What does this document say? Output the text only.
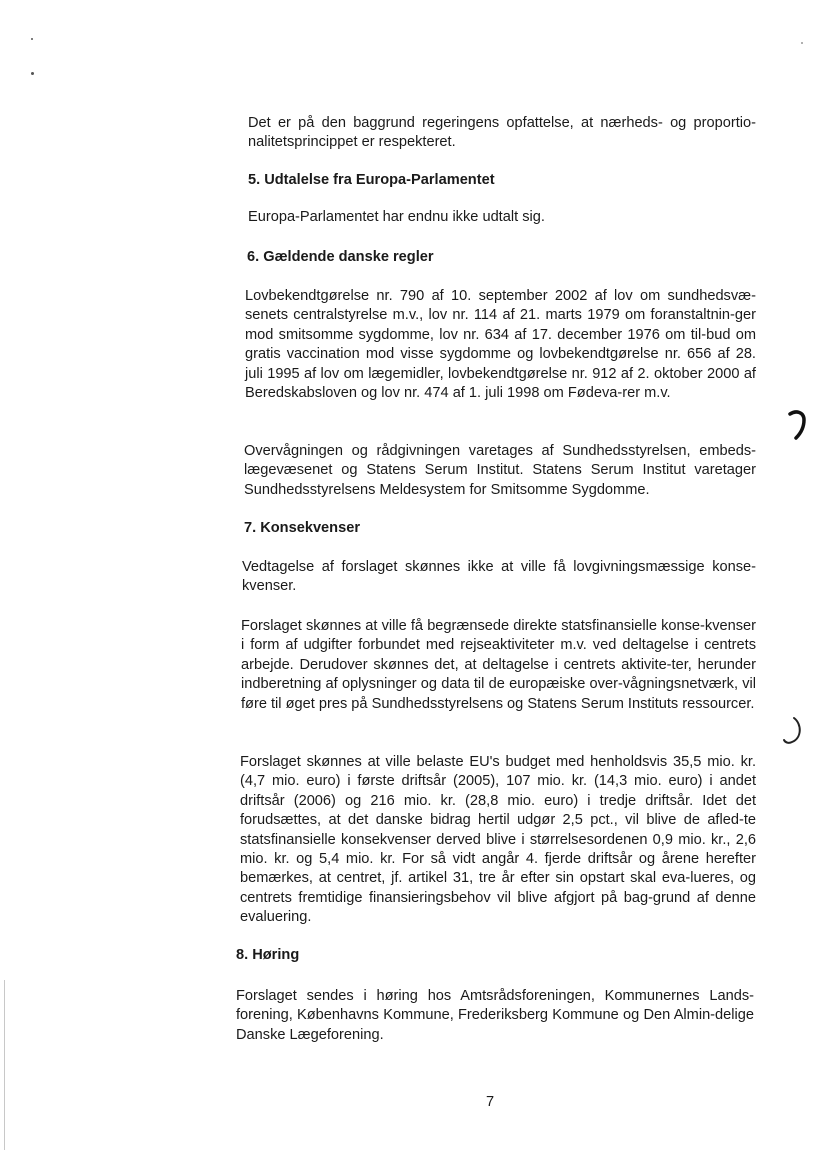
Det er på den baggrund regeringens opfattelse, at nærheds- og proportio-nalitetsprincippet er respekteret.

5. Udtalelse fra Europa-Parlamentet

Europa-Parlamentet har endnu ikke udtalt sig.

6. Gældende danske regler

Lovbekendtgørelse nr. 790 af 10. september 2002 af lov om sundhedsvæ-senets centralstyrelse m.v., lov nr. 114 af 21. marts 1979 om foranstaltnin-ger mod smitsomme sygdomme, lov nr. 634 af 17. december 1976 om til-bud om gratis vaccination mod visse sygdomme og lovbekendtgørelse nr. 656 af 28. juli 1995 af lov om lægemidler, lovbekendtgørelse nr. 912 af 2. oktober 2000 af Beredskabsloven og lov nr. 474 af 1. juli 1998 om Fødeva-rer m.v.

Overvågningen og rådgivningen varetages af Sundhedsstyrelsen, embeds-lægevæsenet og Statens Serum Institut. Statens Serum Institut varetager Sundhedsstyrelsens Meldesystem for Smitsomme Sygdomme.

7. Konsekvenser

Vedtagelse af forslaget skønnes ikke at ville få lovgivningsmæssige konse-kvenser.

Forslaget skønnes at ville få begrænsede direkte statsfinansielle konse-kvenser i form af udgifter forbundet med rejseaktiviteter m.v. ved deltagelse i centrets arbejde. Derudover skønnes det, at deltagelse i centrets aktivite-ter, herunder indberetning af oplysninger og data til de europæiske over-vågningsnetværk, vil føre til øget pres på Sundhedsstyrelsens og Statens Serum Instituts ressourcer.

Forslaget skønnes at ville belaste EU's budget med henholdsvis 35,5 mio. kr. (4,7 mio. euro) i første driftsår (2005), 107 mio. kr. (14,3 mio. euro) i andet driftsår (2006) og 216 mio. kr. (28,8 mio. euro) i tredje driftsår. Idet det forudsættes, at det danske bidrag hertil udgør 2,5 pct., vil blive de afled-te statsfinansielle konsekvenser derved blive i størrelsesordenen 0,9 mio. kr., 2,6 mio. kr. og 5,4 mio. kr. For så vidt angår 4. fjerde driftsår og årene herefter bemærkes, at centret, jf. artikel 31, tre år efter sin opstart skal eva-lueres, og centrets fremtidige finansieringsbehov vil blive afgjort på bag-grund af denne evaluering.

8. Høring

Forslaget sendes i høring hos Amtsrådsforeningen, Kommunernes Lands-forening, Københavns Kommune, Frederiksberg Kommune og Den Almin-delige Danske Lægeforening.

7
